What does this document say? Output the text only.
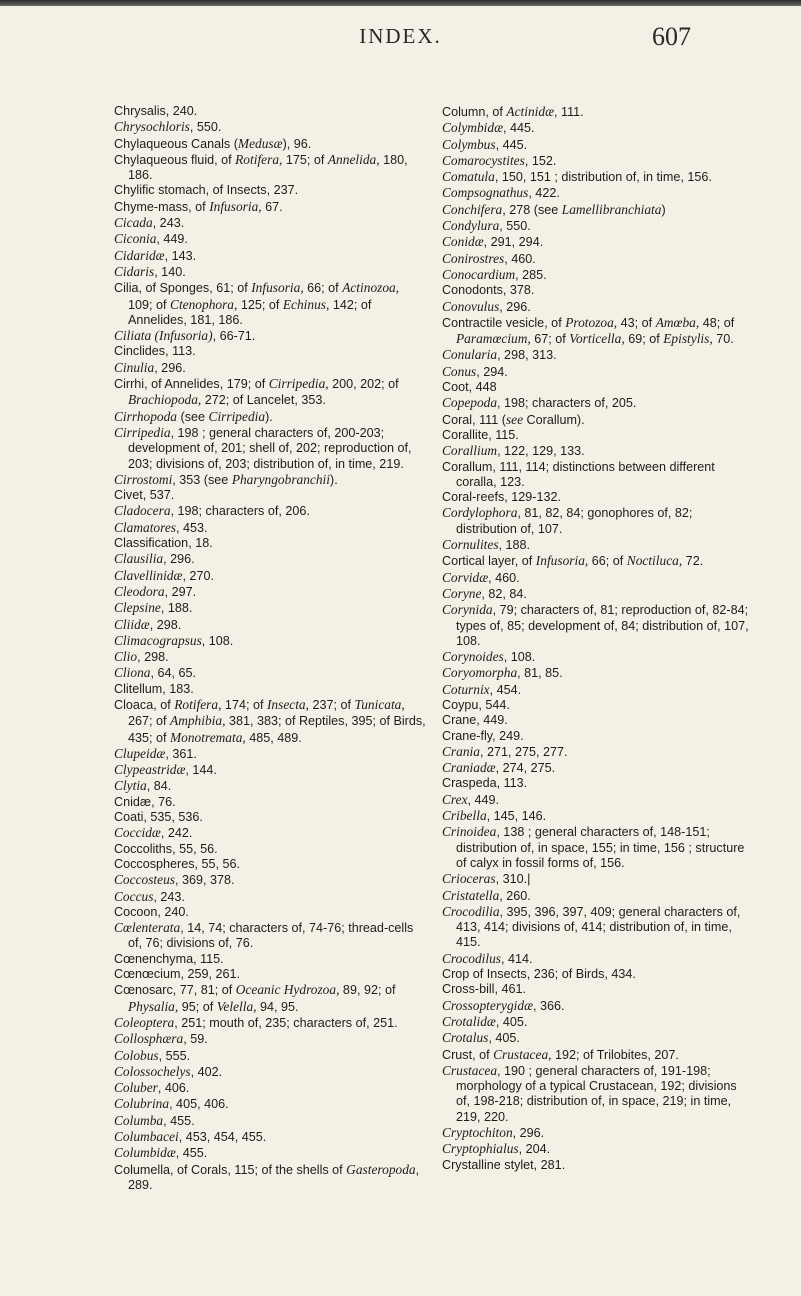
INDEX.	607

Chrysalis, 240.

Chrysochloris, 550.

Chylaqueous Canals (Medusæ), 96.

Chylaqueous fluid, of Rotifera, 175; of Annelida, 180, 186.

Chylific stomach, of Insects, 237.

Chyme-mass, of Infusoria, 67.

Cicada, 243.

Ciconia, 449.

Cidaridæ, 143.

Cidaris, 140.

Cilia, of Sponges, 61; of Infusoria, 66; of Actinozoa, 109; of Ctenophora, 125; of Echinus, 142; of Annelides, 181, 186.

Ciliata (Infusoria), 66-71.

Cinclides, 113.

Cinulia, 296.

Cirrhi, of Annelides, 179; of Cirripedia, 200, 202; of Brachiopoda, 272; of Lancelet, 353.

Cirrhopoda (see Cirripedia).

Cirripedia, 198 ; general characters of, 200-203; development of, 201; shell of, 202; reproduction of, 203; divisions of, 203; distribution of, in time, 219.

Cirrostomi, 353 (see Pharyngobranchii).

Civet, 537.

Cladocera, 198; characters of, 206.

Clamatores, 453.

Classification, 18.

Clausilia, 296.

Clavellinidæ, 270.

Cleodora, 297.

Clepsine, 188.

Cliidæ, 298.

Climacograpsus, 108.

Clio, 298.

Cliona, 64, 65.

Clitellum, 183.

Cloaca, of Rotifera, 174; of Insecta, 237; of Tunicata, 267; of Amphibia, 381, 383; of Reptiles, 395; of Birds, 435; of Monotremata, 485, 489.

Clupeidæ, 361.

Clypeastridæ, 144.

Clytia, 84.

Cnidæ, 76.

Coati, 535, 536.

Coccidæ, 242.

Coccoliths, 55, 56.

Coccospheres, 55, 56.

Coccosteus, 369, 378.

Coccus, 243.

Cocoon, 240.

Cœlenterata, 14, 74; characters of, 74-76; thread-cells of, 76; divisions of, 76.

Cœnenchyma, 115.

Cœnœcium, 259, 261.

Cœnosarc, 77, 81; of Oceanic Hydrozoa, 89, 92; of Physalia, 95; of Velella, 94, 95.

Coleoptera, 251; mouth of, 235; characters of, 251.

Collosphæra, 59.

Colobus, 555.

Colossochelys, 402.

Coluber, 406.

Colubrina, 405, 406.

Columba, 455.

Columbacei, 453, 454, 455.

Columbidæ, 455.

Columella, of Corals, 115; of the shells of Gasteropoda, 289.

Column, of Actinidæ, 111.

Colymbidæ, 445.

Colymbus, 445.

Comarocystites, 152.

Comatula, 150, 151 ; distribution of, in time, 156.

Compsognathus, 422.

Conchifera, 278 (see Lamellibranchiata)

Condylura, 550.

Conidæ, 291, 294.

Conirostres, 460.

Conocardium, 285.

Conodonts, 378.

Conovulus, 296.

Contractile vesicle, of Protozoa, 43; of Amœba, 48; of Paramœcium, 67; of Vorticella, 69; of Epistylis, 70.

Conularia, 298, 313.

Conus, 294.

Coot, 448

Copepoda, 198; characters of, 205.

Coral, 111 (see Corallum).

Corallite, 115.

Corallium, 122, 129, 133.

Corallum, 111, 114; distinctions between different coralla, 123.

Coral-reefs, 129-132.

Cordylophora, 81, 82, 84; gonophores of, 82; distribution of, 107.

Cornulites, 188.

Cortical layer, of Infusoria, 66; of Noctiluca, 72.

Corvidæ, 460.

Coryne, 82, 84.

Corynida, 79; characters of, 81; reproduction of, 82-84; types of, 85; development of, 84; distribution of, 107, 108.

Corynoides, 108.

Coryomorpha, 81, 85.

Coturnix, 454.

Coypu, 544.

Crane, 449.

Crane-fly, 249.

Crania, 271, 275, 277.

Craniadæ, 274, 275.

Craspeda, 113.

Crex, 449.

Cribella, 145, 146.

Crinoidea, 138 ; general characters of, 148-151; distribution of, in space, 155; in time, 156 ; structure of calyx in fossil forms of, 156.

Crioceras, 310.|

Cristatella, 260.

Crocodilia, 395, 396, 397, 409; general characters of, 413, 414; divisions of, 414; distribution of, in time, 415.

Crocodilus, 414.

Crop of Insects, 236; of Birds, 434.

Cross-bill, 461.

Crossopterygidæ, 366.

Crotalidæ, 405.

Crotalus, 405.

Crust, of Crustacea, 192; of Trilobites, 207.

Crustacea, 190 ; general characters of, 191-198; morphology of a typical Crustacean, 192; divisions of, 198-218; distribution of, in space, 219; in time, 219, 220.

Cryptochiton, 296.

Cryptophialus, 204.

Crystalline stylet, 281.
